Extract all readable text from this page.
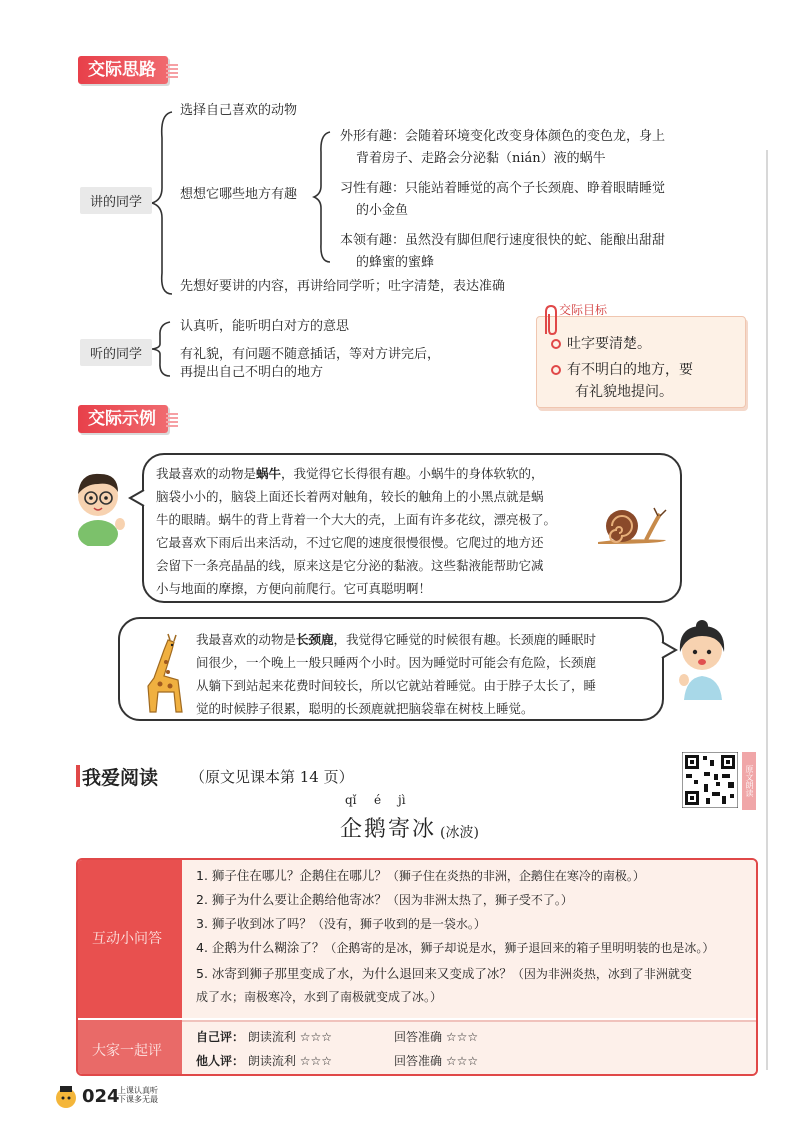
交际思路
讲的同学
选择自己喜欢的动物
想想它哪些地方有趣
外形有趣：会随着环境变化改变身体颜色的变色龙，身上
背着房子、走路会分泌黏（nián）液的蜗牛
习性有趣：只能站着睡觉的高个子长颈鹿、睁着眼睛睡觉
的小金鱼
本领有趣：虽然没有脚但爬行速度很快的蛇、能酿出甜甜
的蜂蜜的蜜蜂
先想好要讲的内容，再讲给同学听；吐字清楚，表达准确
听的同学
认真听，能听明白对方的意思
有礼貌，有问题不随意插话，等对方讲完后，
再提出自己不明白的地方
交际目标
吐字要清楚。
有不明白的地方，要
有礼貌地提问。
交际示例
我最喜欢的动物是蜗牛，我觉得它长得很有趣。小蜗牛的身体软软的，
脑袋小小的，脑袋上面还长着两对触角，较长的触角上的小黑点就是蜗
牛的眼睛。蜗牛的背上背着一个大大的壳，上面有许多花纹，漂亮极了。
它最喜欢下雨后出来活动，不过它爬的速度很慢很慢。它爬过的地方还
会留下一条亮晶晶的线，原来这是它分泌的黏液。这些黏液能帮助它减
小与地面的摩擦，方便向前爬行。它可真聪明啊！
我最喜欢的动物是长颈鹿，我觉得它睡觉的时候很有趣。长颈鹿的睡眠时
间很少，一个晚上一般只睡两个小时。因为睡觉时可能会有危险，长颈鹿
从躺下到站起来花费时间较长，所以它就站着睡觉。由于脖子太长了，睡
觉的时候脖子很累，聪明的长颈鹿就把脑袋靠在树枝上睡觉。
我爱阅读 （原文见课本第 14 页）
qǐ é jì
企鹅寄冰 (冰波)
原文朗读
互动小问答
大家一起评
1. 狮子住在哪儿？企鹅住在哪儿？（狮子住在炎热的非洲，企鹅住在寒冷的南极。）
2. 狮子为什么要让企鹅给他寄冰？（因为非洲太热了，狮子受不了。）
3. 狮子收到冰了吗？（没有，狮子收到的是一袋水。）
4. 企鹅为什么糊涂了？（企鹅寄的是冰，狮子却说是水，狮子退回来的箱子里明明装的也是冰。）
5. 冰寄到狮子那里变成了水，为什么退回来又变成了冰？（因为非洲炎热，冰到了非洲就变
成了水；南极寒冷，水到了南极就变成了冰。）
自己评： 朗读流利 ☆☆☆	回答准确 ☆☆☆
他人评： 朗读流利 ☆☆☆	回答准确 ☆☆☆
024
上课认真听
下课多无最
